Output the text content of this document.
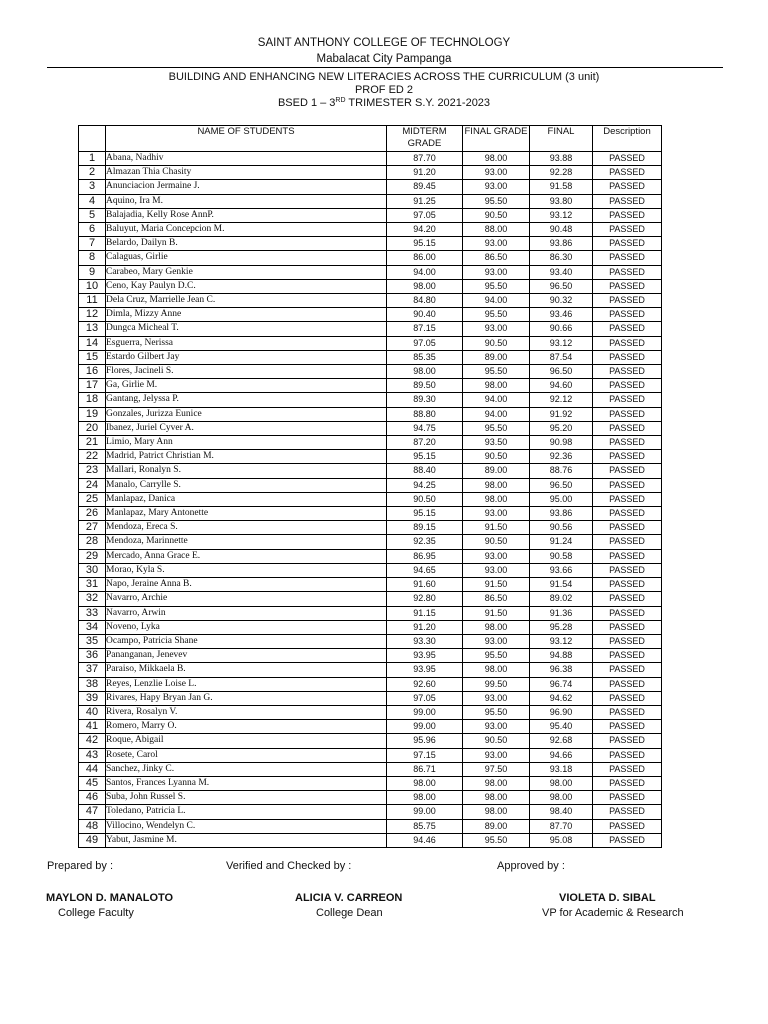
SAINT ANTHONY COLLEGE OF TECHNOLOGY
Mabalacat City Pampanga
BUILDING AND ENHANCING NEW LITERACIES ACROSS THE CURRICULUM (3 unit)
PROF ED 2
BSED 1 – 3RD TRIMESTER S.Y. 2021-2023
	NAME OF STUDENTS	MIDTERM GRADE	FINAL GRADE	FINAL	Description
1	Abana, Nadhiv	87.70	98.00	93.88	PASSED
2	Almazan Thia Chasity	91.20	93.00	92.28	PASSED
3	Anunciacion Jermaine J.	89.45	93.00	91.58	PASSED
4	Aquino, Ira M.	91.25	95.50	93.80	PASSED
5	Balajadia, Kelly Rose AnnP.	97.05	90.50	93.12	PASSED
6	Baluyut, Maria Concepcion M.	94.20	88.00	90.48	PASSED
7	Belardo, Dailyn B.	95.15	93.00	93.86	PASSED
8	Calaguas, Girlie	86.00	86.50	86.30	PASSED
9	Carabeo, Mary Genkie	94.00	93.00	93.40	PASSED
10	Ceno, Kay Paulyn D.C.	98.00	95.50	96.50	PASSED
11	Dela Cruz, Marrielle Jean C.	84.80	94.00	90.32	PASSED
12	Dimla, Mizzy Anne	90.40	95.50	93.46	PASSED
13	Dungca Micheal T.	87.15	93.00	90.66	PASSED
14	Esguerra, Nerissa	97.05	90.50	93.12	PASSED
15	Estardo Gilbert Jay	85.35	89.00	87.54	PASSED
16	Flores, Jacineli S.	98.00	95.50	96.50	PASSED
17	Ga, Girlie M.	89.50	98.00	94.60	PASSED
18	Gantang, Jelyssa P.	89.30	94.00	92.12	PASSED
19	Gonzales, Jurizza Eunice	88.80	94.00	91.92	PASSED
20	Ibanez, Juriel Cyver A.	94.75	95.50	95.20	PASSED
21	Limio, Mary Ann	87.20	93.50	90.98	PASSED
22	Madrid, Patrict Christian M.	95.15	90.50	92.36	PASSED
23	Mallari, Ronalyn S.	88.40	89.00	88.76	PASSED
24	Manalo, Carrylle S.	94.25	98.00	96.50	PASSED
25	Manlapaz, Danica	90.50	98.00	95.00	PASSED
26	Manlapaz, Mary Antonette	95.15	93.00	93.86	PASSED
27	Mendoza, Ereca S.	89.15	91.50	90.56	PASSED
28	Mendoza, Marinnette	92.35	90.50	91.24	PASSED
29	Mercado, Anna Grace E.	86.95	93.00	90.58	PASSED
30	Morao, Kyla S.	94.65	93.00	93.66	PASSED
31	Napo, Jeraine Anna B.	91.60	91.50	91.54	PASSED
32	Navarro, Archie	92.80	86.50	89.02	PASSED
33	Navarro, Arwin	91.15	91.50	91.36	PASSED
34	Noveno, Lyka	91.20	98.00	95.28	PASSED
35	Ocampo, Patricia Shane	93.30	93.00	93.12	PASSED
36	Pananganan, Jenevev	93.95	95.50	94.88	PASSED
37	Paraiso, Mikkaela B.	93.95	98.00	96.38	PASSED
38	Reyes, Lenzlie Loise L.	92.60	99.50	96.74	PASSED
39	Rivares, Hapy Bryan Jan G.	97.05	93.00	94.62	PASSED
40	Rivera, Rosalyn V.	99.00	95.50	96.90	PASSED
41	Romero, Marry O.	99.00	93.00	95.40	PASSED
42	Roque, Abigail	95.96	90.50	92.68	PASSED
43	Rosete, Carol	97.15	93.00	94.66	PASSED
44	Sanchez, Jinky C.	86.71	97.50	93.18	PASSED
45	Santos, Frances Lyanna M.	98.00	98.00	98.00	PASSED
46	Suba, John Russel S.	98.00	98.00	98.00	PASSED
47	Toledano, Patricia L.	99.00	98.00	98.40	PASSED
48	Villocino, Wendelyn C.	85.75	89.00	87.70	PASSED
49	Yabut, Jasmine M.	94.46	95.50	95.08	PASSED
Prepared by :	Verified and Checked by :	Approved by :
MAYLON D. MANALOTO
College Faculty
ALICIA V. CARREON
College Dean
VIOLETA D. SIBAL
VP for Academic & Research
